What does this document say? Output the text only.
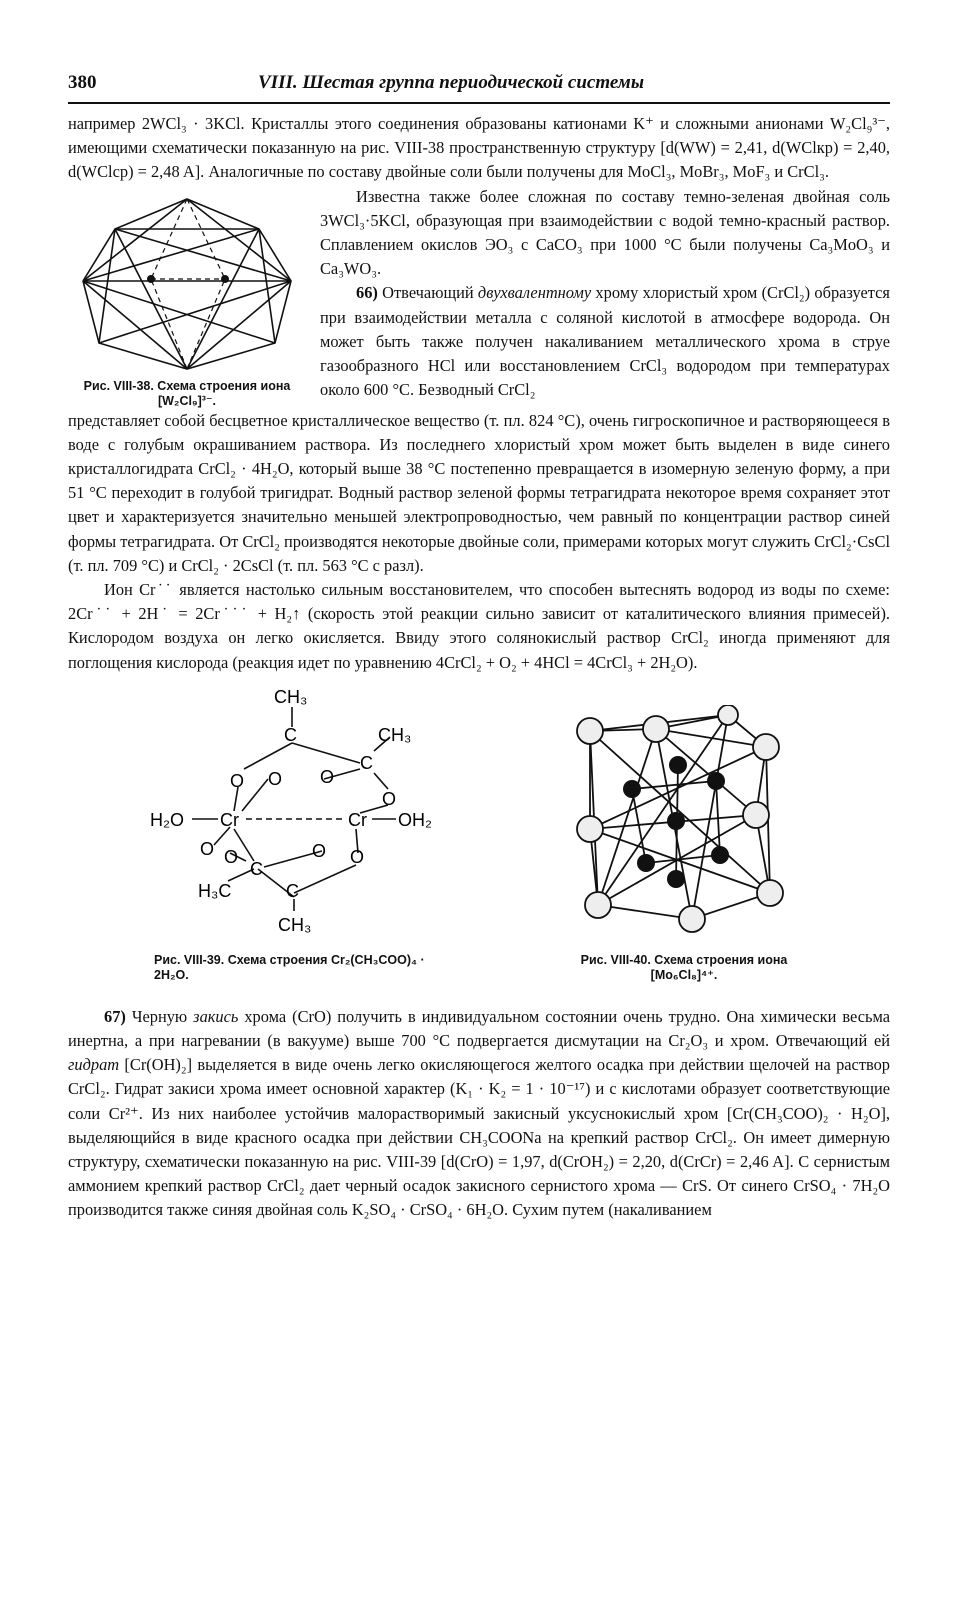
380	VIII. Шестая группа периодической системы

например 2WCl₃ · 3KCl. Кристаллы этого соединения образованы катионами K⁺ и сложными анионами W₂Cl₉³⁻, имеющими схематически показанную на рис. VIII-38 пространственную структуру [d(WW) = 2,41, d(WClкр) = 2,40, d(WClср) = 2,48 A]. Аналогичные по составу двойные соли были получены для MoCl₃, MoBr₃, MoF₃ и CrCl₃.

Рис. VIII-38. Схема строения иона [W₂Cl₉]³⁻.

Известна также более сложная по составу темно-зеленая двойная соль 3WCl₃·5KCl, образующая при взаимодействии с водой темно-красный раствор. Сплавлением окислов ЭO₃ с CaCO₃ при 1000 °С были получены Ca₃MoO₃ и Ca₃WO₃.

66) Отвечающий двухвалентному хрому хлористый хром (CrCl₂) образуется при взаимодействии металла с соляной кислотой в атмосфере водорода. Он может быть также получен накаливанием металлического хрома в струе газообразного HCl или восстановлением CrCl₃ водородом при температурах около 600 °С. Безводный CrCl₂

представляет собой бесцветное кристаллическое вещество (т. пл. 824 °С), очень гигроскопичное и растворяющееся в воде с голубым окрашиванием раствора. Из последнего хлористый хром может быть выделен в виде синего кристаллогидрата CrCl₂ · 4H₂O, который выше 38 °С постепенно превращается в изомерную зеленую форму, а при 51 °С переходит в голубой тригидрат. Водный раствор зеленой формы тетрагидрата некоторое время сохраняет этот цвет и характеризуется значительно меньшей электропроводностью, чем равный по концентрации раствор синей формы тетрагидрата. От CrCl₂ производятся некоторые двойные соли, примерами которых могут служить CrCl₂·CsCl (т. пл. 709 °С) и CrCl₂ · 2CsCl (т. пл. 563 °С с разл).

Ион Cr˙˙ является настолько сильным восстановителем, что способен вытеснять водород из воды по схеме: 2Cr˙˙ + 2H˙ = 2Cr˙˙˙ + H₂↑ (скорость этой реакции сильно зависит от каталитического влияния примесей). Кислородом воздуха он легко окисляется. Ввиду этого солянокислый раствор CrCl₂ иногда применяют для поглощения кислорода (реакция идет по уравнению 4CrCl₂ + O₂ + 4HCl = 4CrCl₃ + 2H₂O).

CH₃
C	CH₃
C
O O O
O
H₂O Cr	Cr OH₂
O O	O O
C
H₃C	C
CH₃

Рис. VIII-39. Схема строения Cr₂(CH₃COO)₄ · 2H₂O.

Рис. VIII-40. Схема строения иона [Mo₆Cl₈]⁴⁺.

67) Черную закись хрома (CrO) получить в индивидуальном состоянии очень трудно. Она химически весьма инертна, а при нагревании (в вакууме) выше 700 °С подвергается дисмутации на Cr₂O₃ и хром. Отвечающий ей гидрат [Cr(OH)₂] выделяется в виде очень легко окисляющегося желтого осадка при действии щелочей на раствор CrCl₂. Гидрат закиси хрома имеет основной характер (K₁ · K₂ = 1 · 10⁻¹⁷) и с кислотами образует соответствующие соли Cr²⁺. Из них наиболее устойчив малорастворимый закисный уксуснокислый хром [Cr(CH₃COO)₂ · H₂O], выделяющийся в виде красного осадка при действии CH₃COONa на крепкий раствор CrCl₂. Он имеет димерную структуру, схематически показанную на рис. VIII-39 [d(CrO) = 1,97, d(CrOH₂) = 2,20, d(CrCr) = 2,46 A]. С сернистым аммонием крепкий раствор CrCl₂ дает черный осадок закисного сернистого хрома — CrS. От синего CrSO₄ · 7H₂O производится также синяя двойная соль K₂SO₄ · CrSO₄ · 6H₂O. Сухим путем (накаливанием
